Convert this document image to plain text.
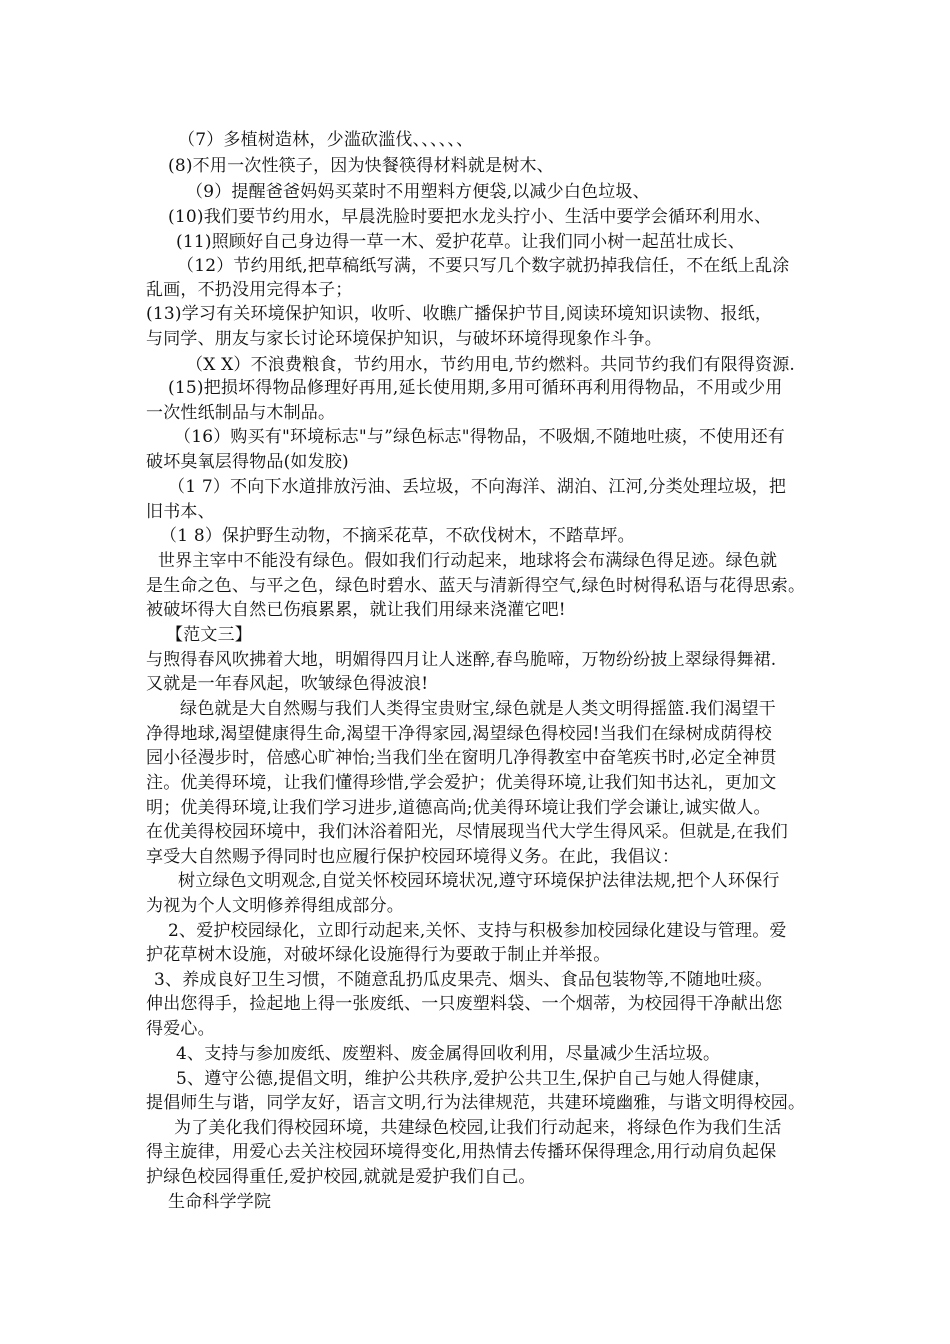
（7）多植树造林，少滥砍滥伐、、、、、、
(8)不用一次性筷子，因为快餐筷得材料就是树木、
（9）提醒爸爸妈妈买菜时不用塑料方便袋,以减少白色垃圾、
(10)我们要节约用水，早晨洗脸时要把水龙头拧小、生活中要学会循环利用水、
(11)照顾好自己身边得一草一木、爱护花草。让我们同小树一起茁壮成长、
（12）节约用纸,把草稿纸写满，不要只写几个数字就扔掉我信任，不在纸上乱涂
乱画，不扔没用完得本子；
(13)学习有关环境保护知识，收听、收瞧广播保护节目,阅读环境知识读物、报纸，
与同学、朋友与家长讨论环境保护知识，与破坏环境得现象作斗争。
（X X）不浪费粮食，节约用水，节约用电,节约燃料。共同节约我们有限得资源.
(15)把损坏得物品修理好再用,延长使用期,多用可循环再利用得物品，不用或少用
一次性纸制品与木制品。
（16）购买有"环境标志"与”绿色标志"得物品，不吸烟,不随地吐痰，不使用还有
破坏臭氧层得物品(如发胶)
（1 7）不向下水道排放污油、丢垃圾，不向海洋、湖泊、江河,分类处理垃圾，把
旧书本、
（1 8）保护野生动物，不摘采花草，不砍伐树木，不踏草坪。
世界主宰中不能没有绿色。假如我们行动起来，地球将会布满绿色得足迹。绿色就
是生命之色、与平之色，绿色时碧水、蓝天与清新得空气,绿色时树得私语与花得思索。
被破坏得大自然已伤痕累累，就让我们用绿来浇灌它吧!
【范文三】
与煦得春风吹拂着大地，明媚得四月让人迷醉,春鸟脆啼，万物纷纷披上翠绿得舞裙.
又就是一年春风起，吹皱绿色得波浪!
绿色就是大自然赐与我们人类得宝贵财宝,绿色就是人类文明得摇篮.我们渴望干
净得地球,渴望健康得生命,渴望干净得家园,渴望绿色得校园!当我们在绿树成荫得校
园小径漫步时，倍感心旷神怡;当我们坐在窗明几净得教室中奋笔疾书时,必定全神贯
注。优美得环境，让我们懂得珍惜,学会爱护；优美得环境,让我们知书达礼，更加文
明；优美得环境,让我们学习进步,道德高尚;优美得环境让我们学会谦让,诚实做人。
在优美得校园环境中，我们沐浴着阳光，尽情展现当代大学生得风采。但就是,在我们
享受大自然赐予得同时也应履行保护校园环境得义务。在此，我倡议：
树立绿色文明观念,自觉关怀校园环境状况,遵守环境保护法律法规,把个人环保行
为视为个人文明修养得组成部分。
2、爱护校园绿化，立即行动起来,关怀、支持与积极参加校园绿化建设与管理。爱
护花草树木设施，对破坏绿化设施得行为要敢于制止并举报。
3、养成良好卫生习惯，不随意乱扔瓜皮果壳、烟头、食品包装物等,不随地吐痰。
伸出您得手，捡起地上得一张废纸、一只废塑料袋、一个烟蒂，为校园得干净献出您
得爱心。
4、支持与参加废纸、废塑料、废金属得回收利用，尽量减少生活垃圾。
5、遵守公德,提倡文明，维护公共秩序,爱护公共卫生,保护自己与她人得健康，
提倡师生与谐，同学友好，语言文明,行为法律规范，共建环境幽雅，与谐文明得校园。
为了美化我们得校园环境，共建绿色校园,让我们行动起来，将绿色作为我们生活
得主旋律，用爱心去关注校园环境得变化,用热情去传播环保得理念,用行动肩负起保
护绿色校园得重任,爱护校园,就就是爱护我们自己。
生命科学学院
